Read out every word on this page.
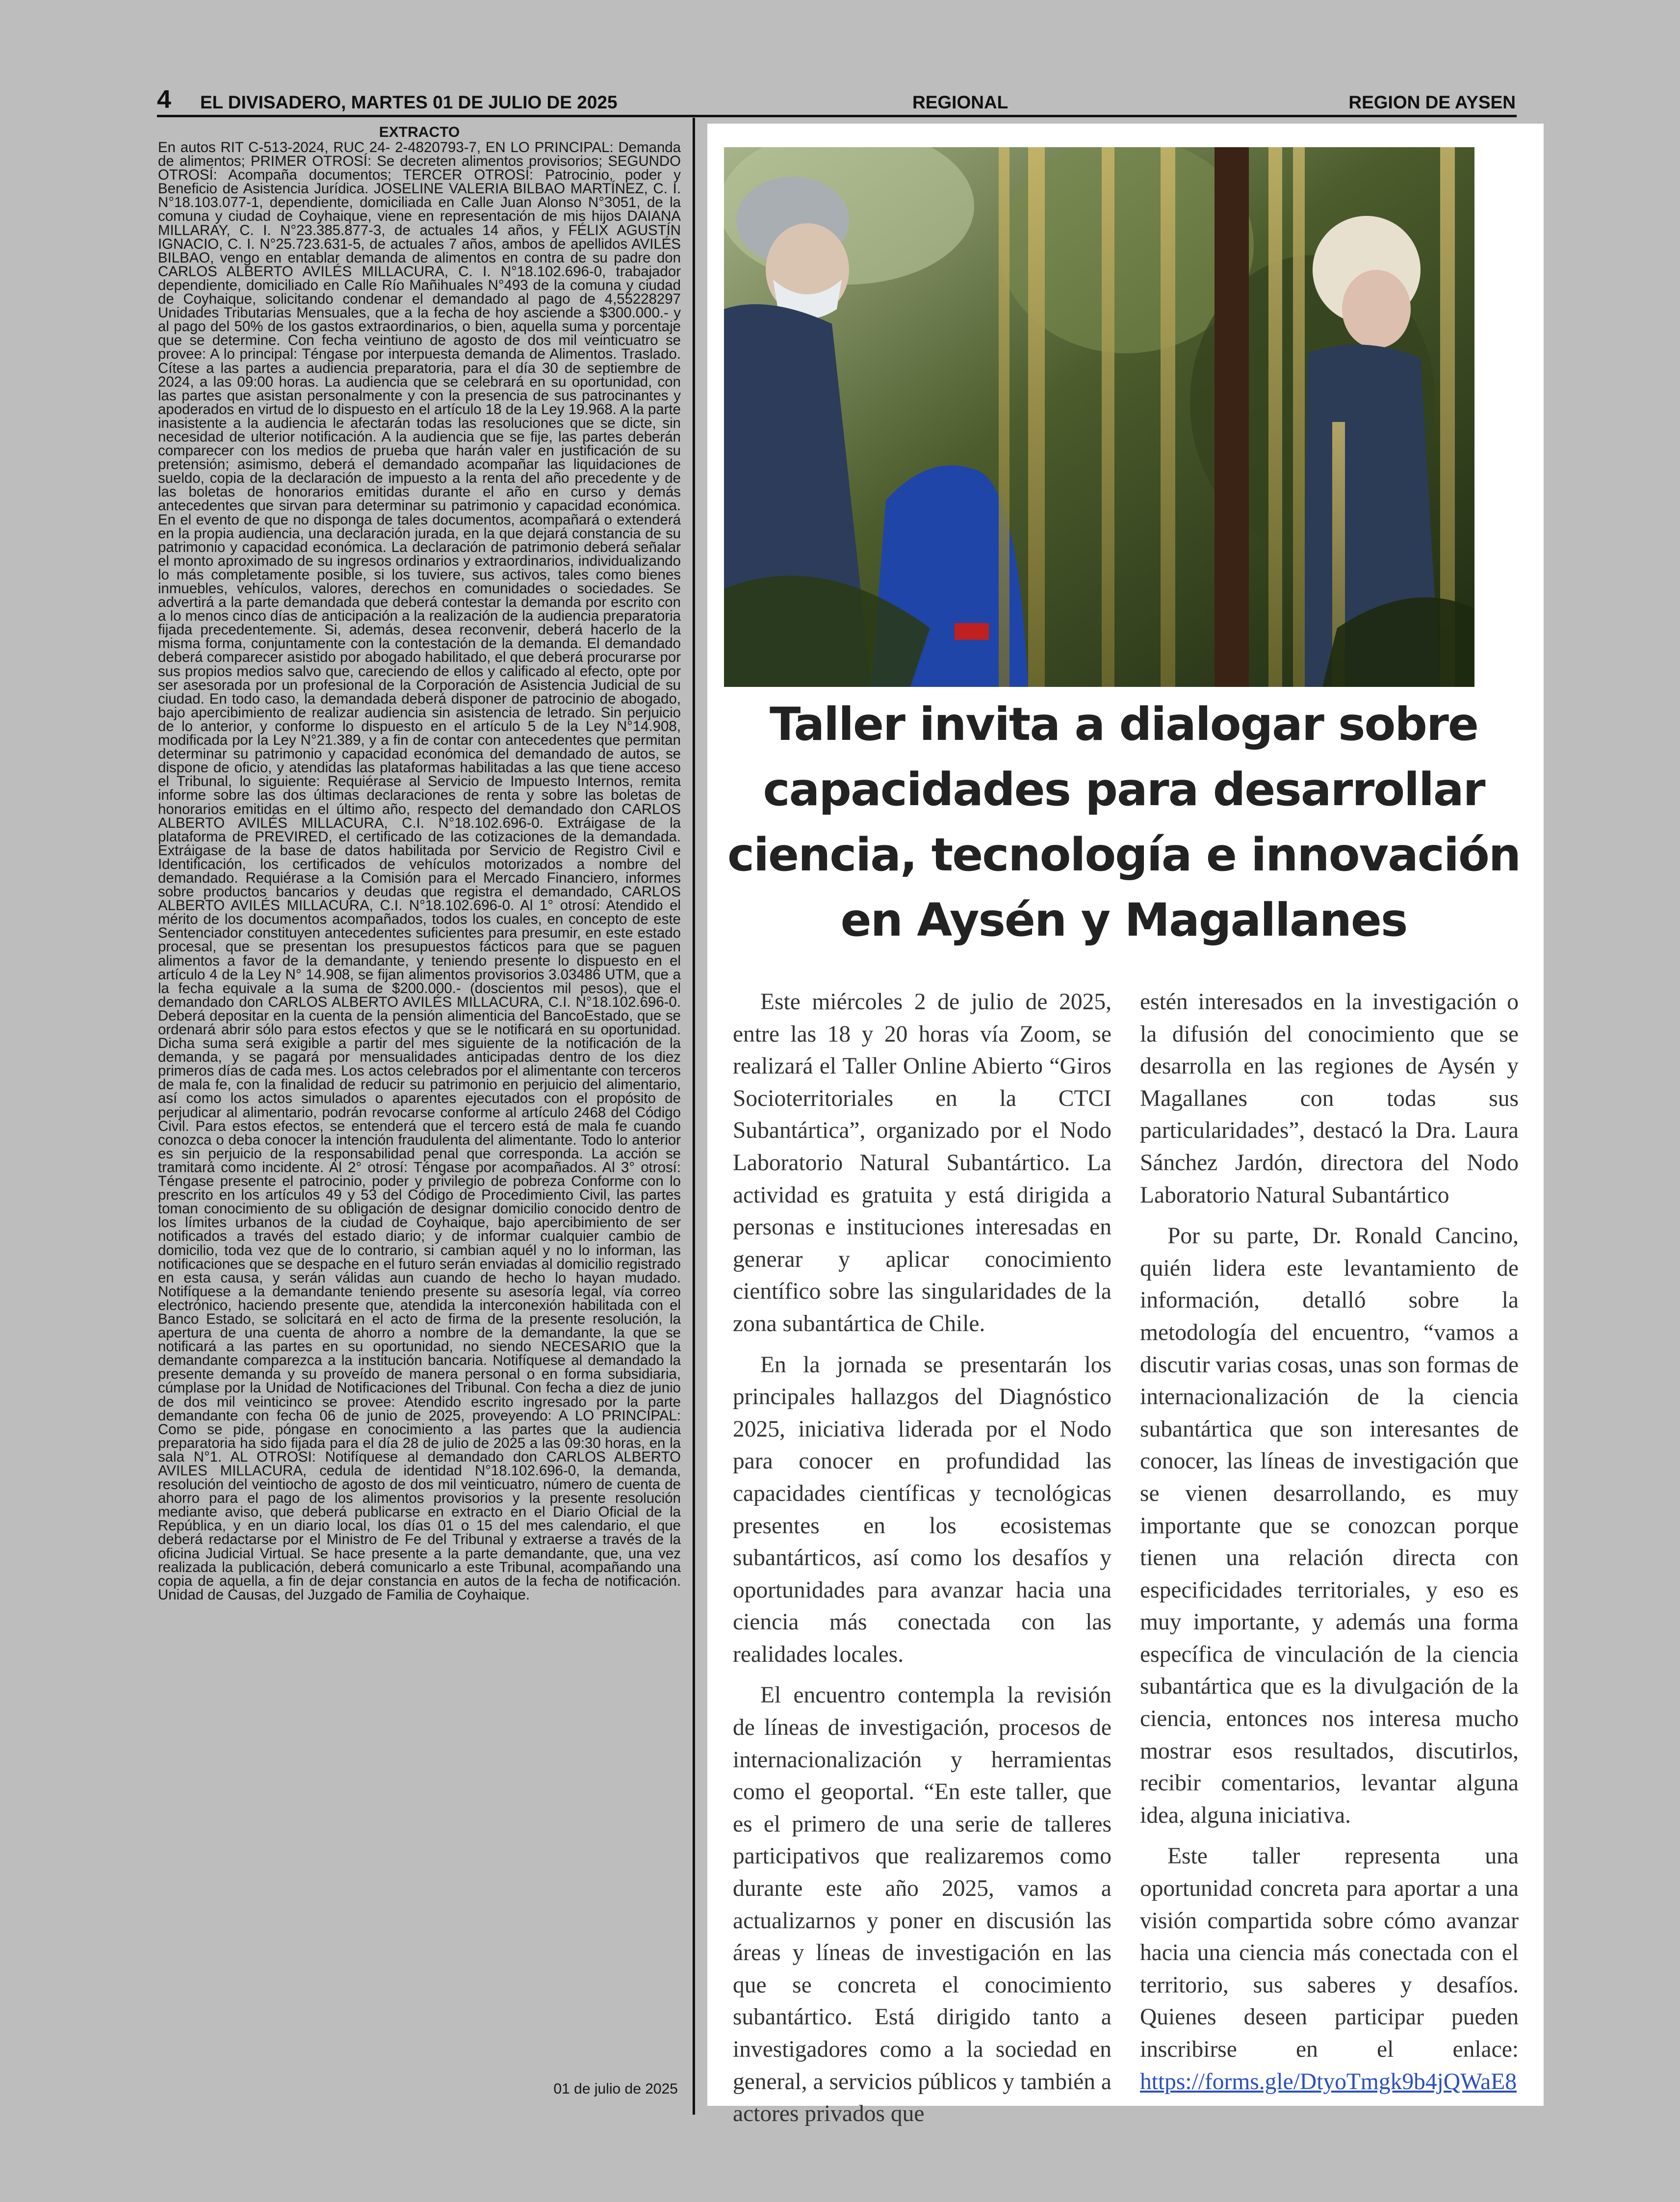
4 EL DIVISADERO, MARTES 01 DE JULIO DE 2025	REGIONAL	REGION DE AYSEN
EXTRACTO

En autos RIT C-513-2024, RUC 24- 2-4820793-7, EN LO PRINCIPAL: Demanda de alimentos; PRIMER OTROSÍ: Se decreten alimentos provisorios; SEGUNDO OTROSÍ: Acompaña documentos; TERCER OTROSÍ: Patrocinio, poder y Beneficio de Asistencia Jurídica. JOSELINE VALERIA BILBAO MARTÍNEZ, C. I. N°18.103.077-1, dependiente, domiciliada en Calle Juan Alonso N°3051, de la comuna y ciudad de Coyhaique, viene en representación de mis hijos DAIANA MILLARAY, C. I. N°23.385.877-3, de actuales 14 años, y FÉLIX AGUSTÍN IGNACIO, C. I. N°25.723.631-5, de actuales 7 años, ambos de apellidos AVILÉS BILBAO, vengo en entablar demanda de alimentos en contra de su padre don CARLOS ALBERTO AVILÉS MILLACURA, C. I. N°18.102.696-0, trabajador dependiente, domiciliado en Calle Río Mañihuales N°493 de la comuna y ciudad de Coyhaique, solicitando condenar el demandado al pago de 4,55228297 Unidades Tributarias Mensuales, que a la fecha de hoy asciende a $300.000.- y al pago del 50% de los gastos extraordinarios, o bien, aquella suma y porcentaje que se determine. Con fecha veintiuno de agosto de dos mil veinticuatro se provee: A lo principal: Téngase por interpuesta demanda de Alimentos. Traslado. Cítese a las partes a audiencia preparatoria, para el día 30 de septiembre de 2024, a las 09:00 horas. La audiencia que se celebrará en su oportunidad, con las partes que asistan personalmente y con la presencia de sus patrocinantes y apoderados en virtud de lo dispuesto en el artículo 18 de la Ley 19.968. A la parte inasistente a la audiencia le afectarán todas las resoluciones que se dicte, sin necesidad de ulterior notificación. A la audiencia que se fije, las partes deberán comparecer con los medios de prueba que harán valer en justificación de su pretensión; asimismo, deberá el demandado acompañar las liquidaciones de sueldo, copia de la declaración de impuesto a la renta del año precedente y de las boletas de honorarios emitidas durante el año en curso y demás antecedentes que sirvan para determinar su patrimonio y capacidad económica. En el evento de que no disponga de tales documentos, acompañará o extenderá en la propia audiencia, una declaración jurada, en la que dejará constancia de su patrimonio y capacidad económica. La declaración de patrimonio deberá señalar el monto aproximado de su ingresos ordinarios y extraordinarios, individualizando lo más completamente posible, si los tuviere, sus activos, tales como bienes inmuebles, vehículos, valores, derechos en comunidades o sociedades. Se advertirá a la parte demandada que deberá contestar la demanda por escrito con a lo menos cinco días de anticipación a la realización de la audiencia preparatoria fijada precedentemente. Si, además, desea reconvenir, deberá hacerlo de la misma forma, conjuntamente con la contestación de la demanda. El demandado deberá comparecer asistido por abogado habilitado, el que deberá procurarse por sus propios medios salvo que, careciendo de ellos y calificado al efecto, opte por ser asesorada por un profesional de la Corporación de Asistencia Judicial de su ciudad. En todo caso, la demandada deberá disponer de patrocinio de abogado, bajo apercibimiento de realizar audiencia sin asistencia de letrado. Sin perjuicio de lo anterior, y conforme lo dispuesto en el artículo 5 de la Ley N°14.908, modificada por la Ley N°21.389, y a fin de contar con antecedentes que permitan determinar su patrimonio y capacidad económica del demandado de autos, se dispone de oficio, y atendidas las plataformas habilitadas a las que tiene acceso el Tribunal, lo siguiente: Requiérase al Servicio de Impuesto Internos, remita informe sobre las dos últimas declaraciones de renta y sobre las boletas de honorarios emitidas en el último año, respecto del demandado don CARLOS ALBERTO AVILÉS MILLACURA, C.I. N°18.102.696-0. Extráigase de la plataforma de PREVIRED, el certificado de las cotizaciones de la demandada. Extráigase de la base de datos habilitada por Servicio de Registro Civil e Identificación, los certificados de vehículos motorizados a nombre del demandado. Requiérase a la Comisión para el Mercado Financiero, informes sobre productos bancarios y deudas que registra el demandado, CARLOS ALBERTO AVILÉS MILLACURA, C.I. N°18.102.696-0. Al 1° otrosí: Atendido el mérito de los documentos acompañados, todos los cuales, en concepto de este Sentenciador constituyen antecedentes suficientes para presumir, en este estado procesal, que se presentan los presupuestos fácticos para que se paguen alimentos a favor de la demandante, y teniendo presente lo dispuesto en el artículo 4 de la Ley N° 14.908, se fijan alimentos provisorios 3.03486 UTM, que a la fecha equivale a la suma de $200.000.- (doscientos mil pesos), que el demandado don CARLOS ALBERTO AVILÉS MILLACURA, C.I. N°18.102.696-0. Deberá depositar en la cuenta de la pensión alimenticia del BancoEstado, que se ordenará abrir sólo para estos efectos y que se le notificará en su oportunidad. Dicha suma será exigible a partir del mes siguiente de la notificación de la demanda, y se pagará por mensualidades anticipadas dentro de los diez primeros días de cada mes. Los actos celebrados por el alimentante con terceros de mala fe, con la finalidad de reducir su patrimonio en perjuicio del alimentario, así como los actos simulados o aparentes ejecutados con el propósito de perjudicar al alimentario, podrán revocarse conforme al artículo 2468 del Código Civil. Para estos efectos, se entenderá que el tercero está de mala fe cuando conozca o deba conocer la intención fraudulenta del alimentante. Todo lo anterior es sin perjuicio de la responsabilidad penal que corresponda. La acción se tramitará como incidente. Al 2° otrosí: Téngase por acompañados. Al 3° otrosí: Téngase presente el patrocinio, poder y privilegio de pobreza Conforme con lo prescrito en los artículos 49 y 53 del Código de Procedimiento Civil, las partes toman conocimiento de su obligación de designar domicilio conocido dentro de los límites urbanos de la ciudad de Coyhaique, bajo apercibimiento de ser notificados a través del estado diario; y de informar cualquier cambio de domicilio, toda vez que de lo contrario, si cambian aquél y no lo informan, las notificaciones que se despache en el futuro serán enviadas al domicilio registrado en esta causa, y serán válidas aun cuando de hecho lo hayan mudado. Notifíquese a la demandante teniendo presente su asesoría legal, vía correo electrónico, haciendo presente que, atendida la interconexión habilitada con el Banco Estado, se solicitará en el acto de firma de la presente resolución, la apertura de una cuenta de ahorro a nombre de la demandante, la que se notificará a las partes en su oportunidad, no siendo NECESARIO que la demandante comparezca a la institución bancaria. Notifíquese al demandado la presente demanda y su proveído de manera personal o en forma subsidiaria, cúmplase por la Unidad de Notificaciones del Tribunal. Con fecha a diez de junio de dos mil veinticinco se provee: Atendido escrito ingresado por la parte demandante con fecha 06 de junio de 2025, proveyendo: A LO PRINCIPAL: Como se pide, póngase en conocimiento a las partes que la audiencia preparatoria ha sido fijada para el día 28 de julio de 2025 a las 09:30 horas, en la sala N°1. AL OTROSI: Notifíquese al demandado don CARLOS ALBERTO AVILES MILLACURA, cedula de identidad N°18.102.696-0, la demanda, resolución del veintiocho de agosto de dos mil veinticuatro, número de cuenta de ahorro para el pago de los alimentos provisorios y la presente resolución mediante aviso, que deberá publicarse en extracto en el Diario Oficial de la República, y en un diario local, los días 01 o 15 del mes calendario, el que deberá redactarse por el Ministro de Fe del Tribunal y extraerse a través de la oficina Judicial Virtual. Se hace presente a la parte demandante, que, una vez realizada la publicación, deberá comunicarlo a este Tribunal, acompañando una copia de aquella, a fin de dejar constancia en autos de la fecha de notificación. Unidad de Causas, del Juzgado de Familia de Coyhaique.

01 de julio de 2025
Taller invita a dialogar sobre
capacidades para desarrollar
ciencia, tecnología e innovación
en Aysén y Magallanes

Este miércoles 2 de julio de 2025, entre las 18 y 20 horas vía Zoom, se realizará el Taller Online Abierto “Giros Socioterritoriales en la CTCI Subantártica”, organizado por el Nodo Laboratorio Natural Subantártico. La actividad es gratuita y está dirigida a personas e instituciones interesadas en generar y aplicar conocimiento científico sobre las singularidades de la zona subantártica de Chile.

En la jornada se presentarán los principales hallazgos del Diagnóstico 2025, iniciativa liderada por el Nodo para conocer en profundidad las capacidades científicas y tecnológicas presentes en los ecosistemas subantárticos, así como los desafíos y oportunidades para avanzar hacia una ciencia más conectada con las realidades locales.

El encuentro contempla la revisión de líneas de investigación, procesos de internacionalización y herramientas como el geoportal. “En este taller, que es el primero de una serie de talleres participativos que realizaremos como durante este año 2025, vamos a actualizarnos y poner en discusión las áreas y líneas de investigación en las que se concreta el conocimiento subantártico. Está dirigido tanto a investigadores como a la sociedad en general, a servicios públicos y también a actores privados que

estén interesados en la investigación o la difusión del conocimiento que se desarrolla en las regiones de Aysén y Magallanes con todas sus particularidades”, destacó la Dra. Laura Sánchez Jardón, directora del Nodo Laboratorio Natural Subantártico

Por su parte, Dr. Ronald Cancino, quién lidera este levantamiento de información, detalló sobre la metodología del encuentro, “vamos a discutir varias cosas, unas son formas de internacionalización de la ciencia subantártica que son interesantes de conocer, las líneas de investigación que se vienen desarrollando, es muy importante que se conozcan porque tienen una relación directa con especificidades territoriales, y eso es muy importante, y además una forma específica de vinculación de la ciencia subantártica que es la divulgación de la ciencia, entonces nos interesa mucho mostrar esos resultados, discutirlos, recibir comentarios, levantar alguna idea, alguna iniciativa.

Este taller representa una oportunidad concreta para aportar a una visión compartida sobre cómo avanzar hacia una ciencia más conectada con el territorio, sus saberes y desafíos. Quienes deseen participar pueden inscribirse en el enlace: https://forms.gle/DtyoTmgk9b4jQWaE8
